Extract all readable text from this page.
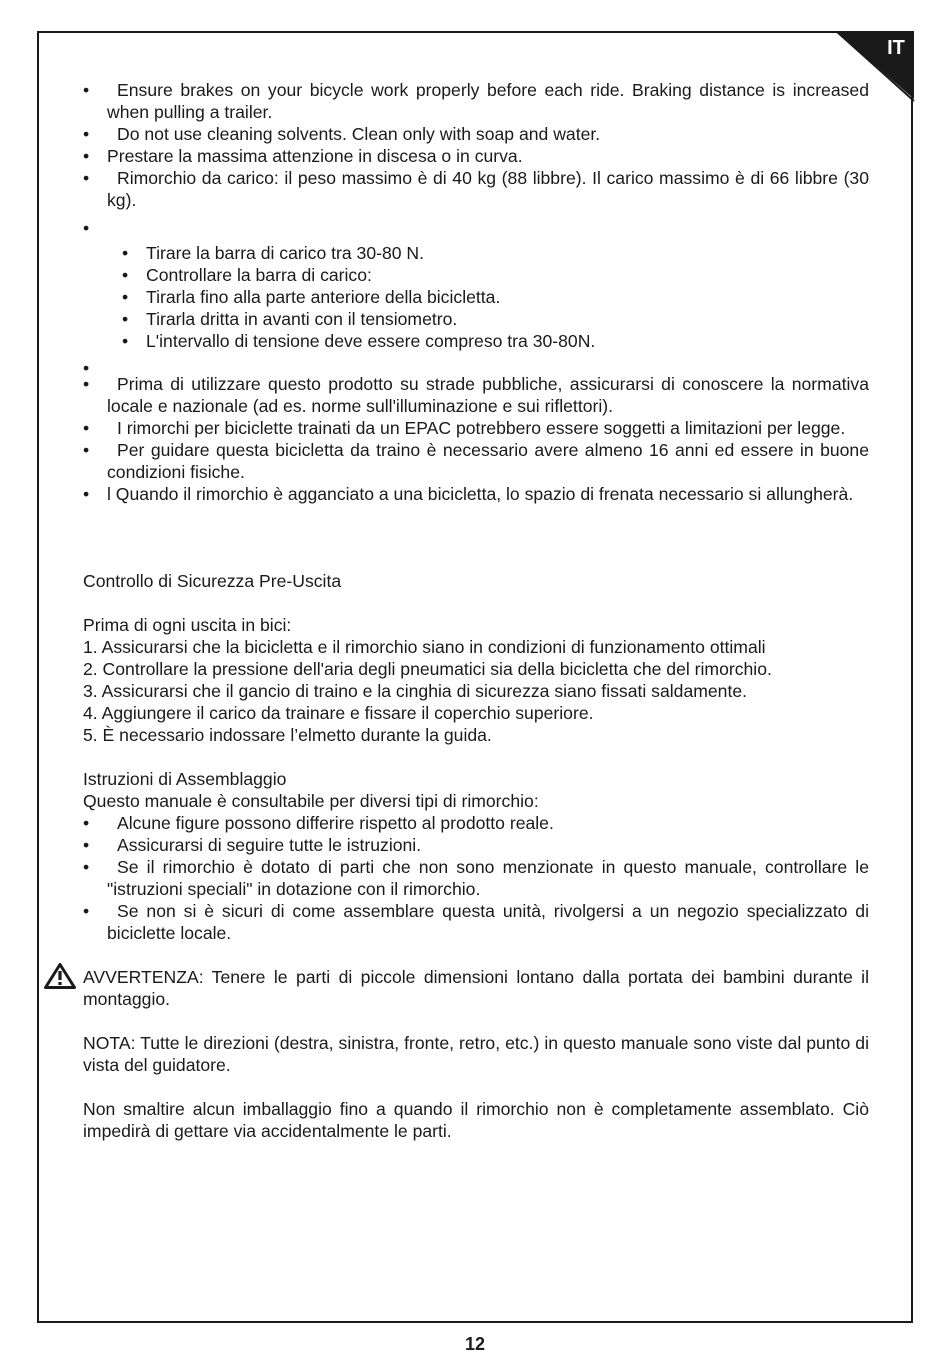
IT
• Ensure brakes on your bicycle work properly before each ride. Braking distance is increased when pulling a trailer.
• Do not use cleaning solvents. Clean only with soap and water.
• Prestare la massima attenzione in discesa o in curva.
• Rimorchio da carico: il peso massimo è di 40 kg (88 libbre). Il carico massimo è di 66 libbre (30 kg).
•
• Tirare la barra di carico tra 30-80 N.
• Controllare la barra di carico:
• Tirarla fino alla parte anteriore della bicicletta.
• Tirarla dritta in avanti con il tensiometro.
• L'intervallo di tensione deve essere compreso tra 30-80N.
•
• Prima di utilizzare questo prodotto su strade pubbliche, assicurarsi di conoscere la normativa locale e nazionale (ad es. norme sull'illuminazione e sui riflettori).
• I rimorchi per biciclette trainati da un EPAC potrebbero essere soggetti a limitazioni per legge.
• Per guidare questa bicicletta da traino è necessario avere almeno 16 anni ed essere in buone condizioni fisiche.
• l Quando il rimorchio è agganciato a una bicicletta, lo spazio di frenata necessario si allungherà.
Controllo di Sicurezza Pre-Uscita
Prima di ogni uscita in bici:
1. Assicurarsi che la bicicletta e il rimorchio siano in condizioni di funzionamento ottimali
2. Controllare la pressione dell'aria degli pneumatici sia della bicicletta che del rimorchio.
3. Assicurarsi che il gancio di traino e la cinghia di sicurezza siano fissati saldamente.
4. Aggiungere il carico da trainare e fissare il coperchio superiore.
5. È necessario indossare l’elmetto durante la guida.
Istruzioni di Assemblaggio
Questo manuale è consultabile per diversi tipi di rimorchio:
• Alcune figure possono differire rispetto al prodotto reale.
• Assicurarsi di seguire tutte le istruzioni.
• Se il rimorchio è dotato di parti che non sono menzionate in questo manuale, controllare le "istruzioni speciali" in dotazione con il rimorchio.
• Se non si è sicuri di come assemblare questa unità, rivolgersi a un negozio specializzato di biciclette locale.
AVVERTENZA: Tenere le parti di piccole dimensioni lontano dalla portata dei bambini durante il montaggio.
NOTA: Tutte le direzioni (destra, sinistra, fronte, retro, etc.) in questo manuale sono viste dal punto di vista del guidatore.
Non smaltire alcun imballaggio fino a quando il rimorchio non è completamente assemblato. Ciò impedirà di gettare via accidentalmente le parti.
12
